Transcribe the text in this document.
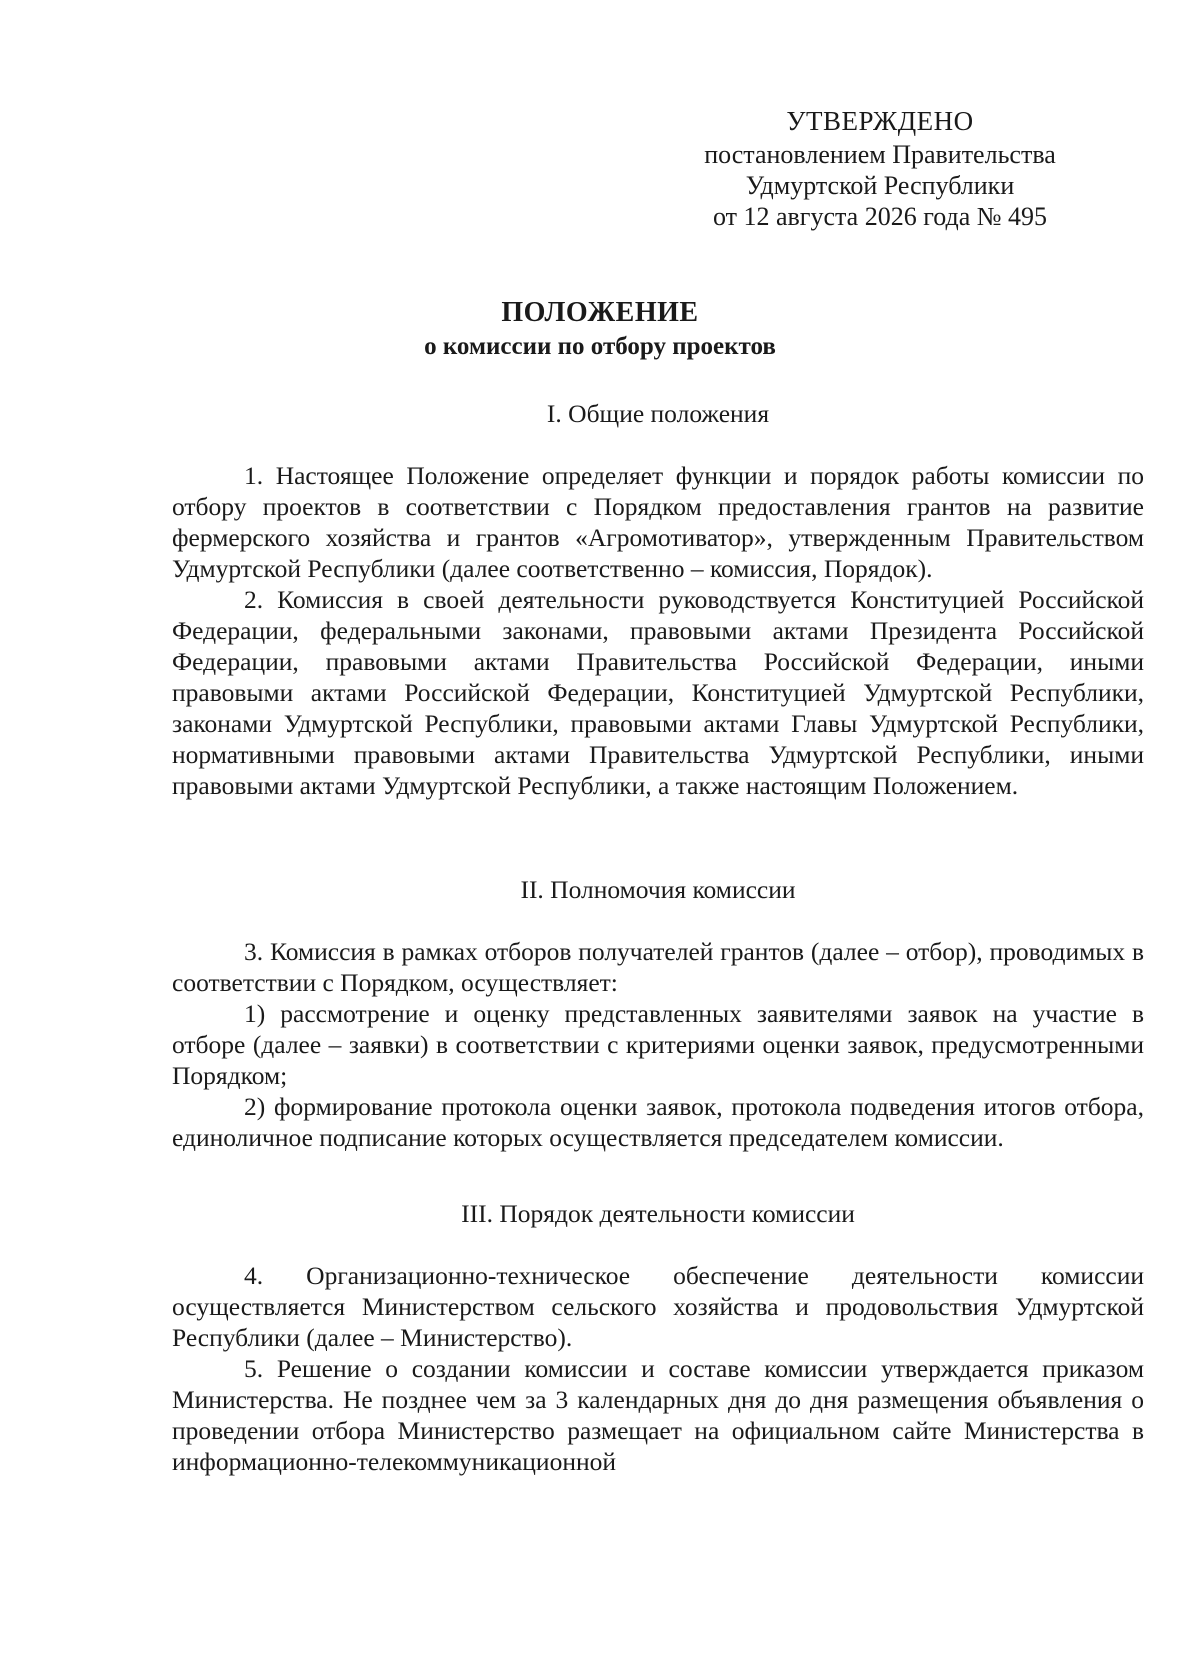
УТВЕРЖДЕНО
постановлением Правительства
Удмуртской Республики
от 12 августа 2026 года № 495
ПОЛОЖЕНИЕ
о комиссии по отбору проектов
I. Общие положения

1. Настоящее Положение определяет функции и порядок работы комиссии по отбору проектов в соответствии с Порядком предоставления грантов на развитие фермерского хозяйства и грантов «Агромотиватор», утвержденным Правительством Удмуртской Республики (далее соответственно – комиссия, Порядок).

2. Комиссия в своей деятельности руководствуется Конституцией Российской Федерации, федеральными законами, правовыми актами Президента Российской Федерации, правовыми актами Правительства Российской Федерации, иными правовыми актами Российской Федерации, Конституцией Удмуртской Республики, законами Удмуртской Республики, правовыми актами Главы Удмуртской Республики, нормативными правовыми актами Правительства Удмуртской Республики, иными правовыми актами Удмуртской Республики, а также настоящим Положением.

II. Полномочия комиссии

3. Комиссия в рамках отборов получателей грантов (далее – отбор), проводимых в соответствии с Порядком, осуществляет:

1) рассмотрение и оценку представленных заявителями заявок на участие в отборе (далее – заявки) в соответствии с критериями оценки заявок, предусмотренными Порядком;

2) формирование протокола оценки заявок, протокола подведения итогов отбора, единоличное подписание которых осуществляется председателем комиссии.

III. Порядок деятельности комиссии

4. Организационно-техническое обеспечение деятельности комиссии осуществляется Министерством сельского хозяйства и продовольствия Удмуртской Республики (далее – Министерство).

5. Решение о создании комиссии и составе комиссии утверждается приказом Министерства. Не позднее чем за 3 календарных дня до дня размещения объявления о проведении отбора Министерство размещает на официальном сайте Министерства в информационно-телекоммуникационной
